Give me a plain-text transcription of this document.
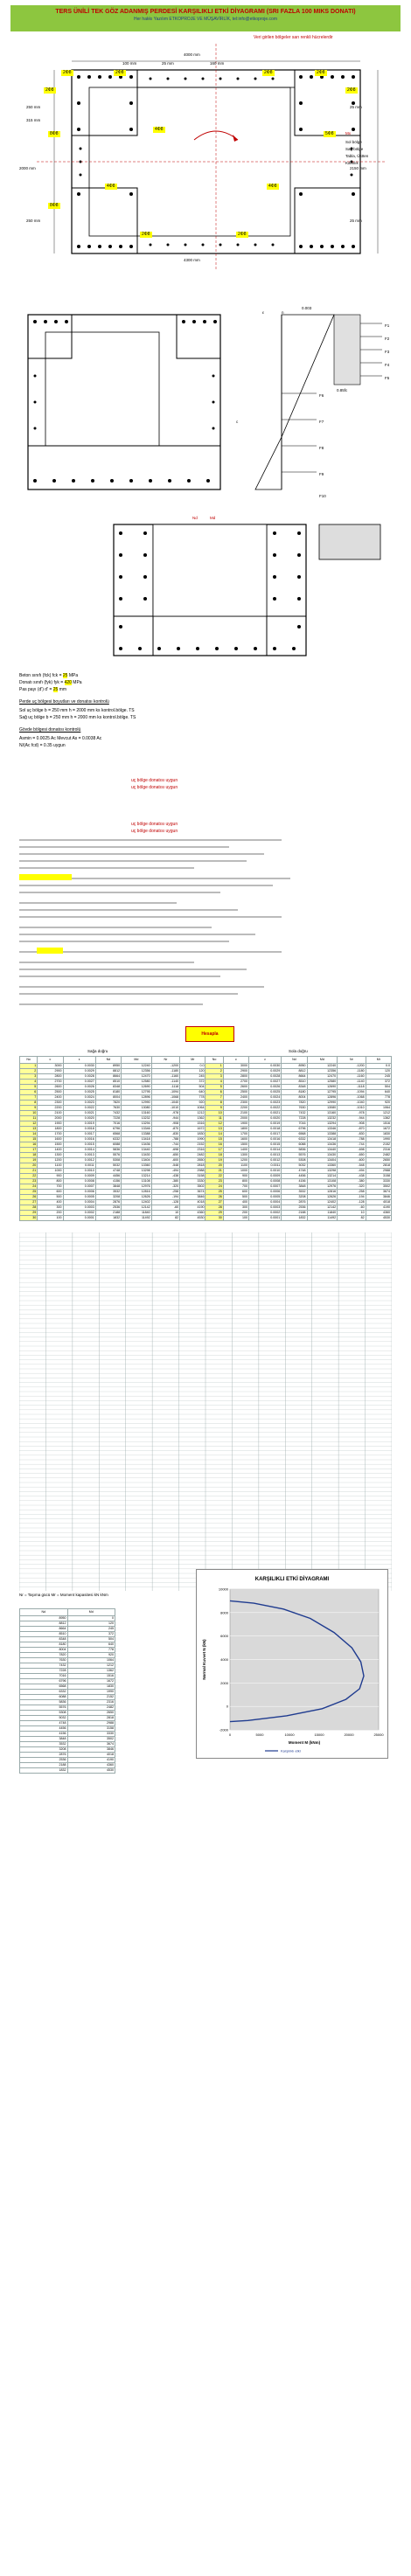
TERS ÜNİLİ TEK GÖZ ADANMIŞ PERDESİ KARŞILIKLI ETKİ DİYAGRAMI (SRI FAZLA 100 MIKS DONATI)
Her hakkı Yazılım ETKOPROJE VE MÜŞAVİRLİK, tel:info@etkoproje.com
Veri girilen bölgeler sarı renkli hücrelerdir
2Φ8	2Φ8	2Φ8	2Φ8
2Φ8	2Φ8
4Φ8
8Φ8	5Φ8
4Φ8	4Φ8
8Φ8
2Φ8	2Φ8
100 mm	25 mm	160 mm
250 mm
315 mm
2000 mm
25 mm
2150 mm
25 mm
250 mm
4000 mm
4300 mm
Mx
Sol bölge
Sağ bölge
Tabla, Üstten
Kalınlık
n
F1
F2
F3
F4
F5
F6
F7
F8
F9
F10
ε
c
0.85fc
0.003
Nd	Md
Beton sınıfı (fck) fck = 25 MPa
Donatı sınıfı (fyk) fyk = 420 MPa
Pas payı (d') d' = 25 mm
Perde uç bölgesi boyutları ve donatısı kontrolü
Sol uç bölge b = 250 mm h = 2000 mm ks kontrol.bölge. TS
Sağ uç bölge b = 250 mm h = 2000 mm ks kontrol.bölge. TS
Gövde bölgesi donatısı kontrolü
Asmin = 0.0025 Ac Mevcut As = 0.0038 Ac
N/(Ac fcd) = 0.35 uygun
uç bölge donatısı uygun
uç bölge donatısı uygun
uç bölge donatısı uygun
uç bölge donatısı uygun
Hesapla
Sağa doğru	Sola doğru
No	c	ε	Nd	Md	Nr	Mr	No	c	ε	Nd	Md	Nr	Mr
1	3000	0.0030	8950	12240	-1200	0.0	1	3000	0.0030	8950	12240	-1200	0.0
2	2900	0.0029	8812	12356	-1180	120	2	2900	0.0029	8812	12356	-1180	120
3	2800	0.0028	8664	12470	-1160	245	3	2800	0.0028	8664	12470	-1160	245
4	2700	0.0027	8510	12580	-1140	372	4	2700	0.0027	8510	12580	-1140	372
5	2600	0.0026	8348	12690	-1118	504	5	2600	0.0026	8348	12690	-1118	504
6	2500	0.0025	8180	12795	-1094	640	6	2500	0.0025	8180	12795	-1094	640
7	2400	0.0024	8004	12896	-1068	778	7	2400	0.0024	8004	12896	-1068	778
8	2300	0.0023	7820	12990	-1040	920	8	2300	0.0023	7820	12990	-1040	920
9	2200	0.0022	7630	13080	-1010	1064	9	2200	0.0022	7630	13080	-1010	1064
10	2100	0.0021	7432	13160	-978	1212	10	2100	0.0021	7432	13160	-978	1212
11	2000	0.0020	7228	13232	-944	1362	11	2000	0.0020	7228	13232	-944	1362
12	1900	0.0019	7016	13294	-908	1516	12	1900	0.0019	7016	13294	-908	1516
13	1800	0.0018	6796	13346	-870	1672	13	1800	0.0018	6796	13346	-870	1672
14	1700	0.0017	6568	13388	-830	1830	14	1700	0.0017	6568	13388	-830	1830
15	1600	0.0016	6332	13418	-788	1990	15	1600	0.0016	6332	13418	-788	1990
16	1500	0.0015	6088	13436	-744	2152	16	1500	0.0015	6088	13436	-744	2152
17	1400	0.0014	5836	13440	-698	2316	17	1400	0.0014	5836	13440	-698	2316
18	1300	0.0013	5576	13430	-650	2482	18	1300	0.0013	5576	13430	-650	2482
19	1200	0.0012	5308	13404	-600	2650	19	1200	0.0012	5308	13404	-600	2650
20	1100	0.0011	5032	13360	-548	2818	20	1100	0.0011	5032	13360	-548	2818
21	1000	0.0010	4748	13298	-494	2988	21	1000	0.0010	4748	13298	-494	2988
22	900	0.0009	4456	13214	-438	3158	22	900	0.0009	4456	13214	-438	3158
23	800	0.0008	4156	13108	-380	3330	23	800	0.0008	4156	13108	-380	3330
24	700	0.0007	3848	12976	-320	3502	24	700	0.0007	3848	12976	-320	3502
25	600	0.0006	3532	12816	-258	3674	25	600	0.0006	3532	12816	-258	3674
26	500	0.0005	3208	12626	-194	3846	26	500	0.0005	3208	12626	-194	3846
27	400	0.0004	2876	12402	-128	4018	27	400	0.0004	2876	12402	-128	4018
28	300	0.0003	2536	12142	-60	4190	28	300	0.0003	2536	12142	-60	4190
29	200	0.0002	2188	11840	10	4360	29	200	0.0002	2188	11840	10	4360
30	100	0.0001	1832	11492	82	4530	30	100	0.0001	1832	11492	82	4530
Nr = Taşıma gücü Mr = Moment kapasitesi kN kNm
Nd	Md
8950	0
8812	120
8664	245
8510	372
8348	504
8180	640
8004	778
7820	920
7630	1064
7432	1212
7228	1362
7016	1516
6796	1672
6568	1830
6332	1990
6088	2152
5836	2316
5576	2482
5308	2650
5032	2818
4748	2988
4456	3158
4156	3330
3848	3502
3532	3674
3208	3846
2876	4018
2536	4190
2188	4360
1832	4530
-2000
0
2000
4000
6000
8000
10000
0	5000	10000	15000	20000	25000
KARŞILIKLI ETKİ DİYAGRAMI
Moment M (kNm)
Normal Kuvvet N (kN)
Karşılıklı etki
